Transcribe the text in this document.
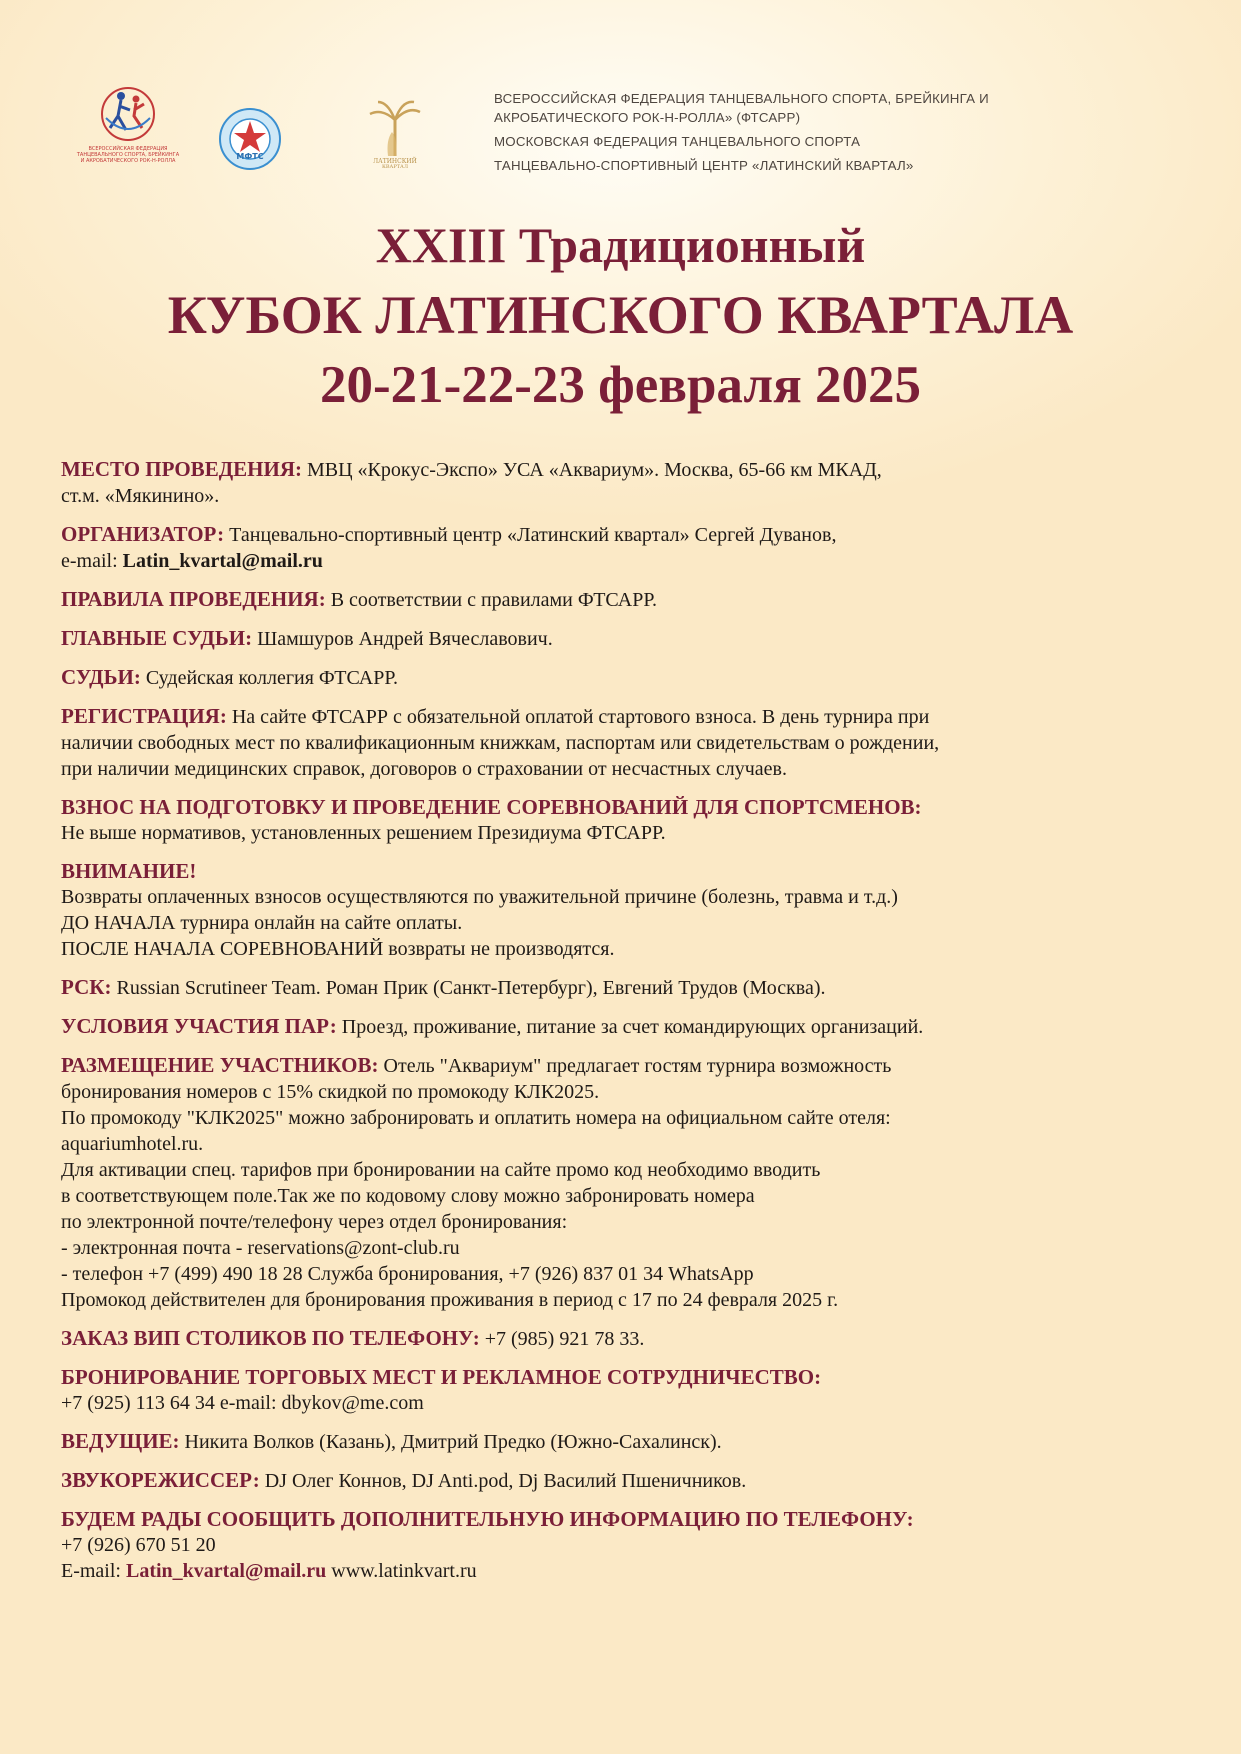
ВСЕРОССИЙСКАЯ ФЕДЕРАЦИЯ
ТАНЦЕВАЛЬНОГО СПОРТА, БРЕЙКИНГА
И АКРОБАТИЧЕСКОГО РОК-Н-РОЛЛА	МФТС
ЛАТИНСКИЙ
КВАРТАЛ
ВСЕРОССИЙСКАЯ ФЕДЕРАЦИЯ ТАНЦЕВАЛЬНОГО СПОРТА, БРЕЙКИНГА И АКРОБАТИЧЕСКОГО РОК-Н-РОЛЛА» (ФТСАРР)
МОСКОВСКАЯ ФЕДЕРАЦИЯ ТАНЦЕВАЛЬНОГО СПОРТА
ТАНЦЕВАЛЬНО-СПОРТИВНЫЙ ЦЕНТР «ЛАТИНСКИЙ КВАРТАЛ»
XXIII Традиционный
КУБОК ЛАТИНСКОГО КВАРТАЛА
20-21-22-23 февраля 2025
МЕСТО ПРОВЕДЕНИЯ: МВЦ «Крокус-Экспо» УСА «Аквариум». Москва, 65-66 км МКАД,
ст.м. «Мякинино».
ОРГАНИЗАТОР: Танцевально-спортивный центр «Латинский квартал» Сергей Дуванов,
e-mail: Latin_kvartal@mail.ru
ПРАВИЛА ПРОВЕДЕНИЯ: В соответствии с правилами ФТСАРР.
ГЛАВНЫЕ СУДЬИ: Шамшуров Андрей Вячеславович.
СУДЬИ: Судейская коллегия ФТСАРР.
РЕГИСТРАЦИЯ: На сайте ФТСАРР с обязательной оплатой стартового взноса. В день турнира при
наличии свободных мест по квалификационным книжкам, паспортам или свидетельствам о рождении,
при наличии медицинских справок, договоров о страховании от несчастных случаев.
ВЗНОС НА ПОДГОТОВКУ И ПРОВЕДЕНИЕ СОРЕВНОВАНИЙ ДЛЯ СПОРТСМЕНОВ:
Не выше нормативов, установленных решением Президиума ФТСАРР.
ВНИМАНИЕ!
Возвраты оплаченных взносов осуществляются по уважительной причине (болезнь, травма и т.д.)
ДО НАЧАЛА турнира онлайн на сайте оплаты.
ПОСЛЕ НАЧАЛА СОРЕВНОВАНИЙ возвраты не производятся.
РСК: Russian Scrutineer Team. Роман Прик (Санкт-Петербург), Евгений Трудов (Москва).
УСЛОВИЯ УЧАСТИЯ ПАР: Проезд, проживание, питание за счет командирующих организаций.
РАЗМЕЩЕНИЕ УЧАСТНИКОВ: Отель "Аквариум" предлагает гостям турнира возможность
бронирования номеров с 15% скидкой по промокоду КЛК2025.
По промокоду "КЛК2025" можно забронировать и оплатить номера на официальном сайте отеля:
aquariumhotel.ru.
Для активации спец. тарифов при бронировании на сайте промо код необходимо вводить
в соответствующем поле.Так же по кодовому слову можно забронировать номера
по электронной почте/телефону через отдел бронирования:
- электронная почта - reservations@zont-club.ru
- телефон +7 (499) 490 18 28 Служба бронирования, +7 (926) 837 01 34 WhatsApp
Промокод действителен для бронирования проживания в период с 17 по 24 февраля 2025 г.
ЗАКАЗ ВИП СТОЛИКОВ ПО ТЕЛЕФОНУ: +7 (985) 921 78 33.
БРОНИРОВАНИЕ ТОРГОВЫХ МЕСТ И РЕКЛАМНОЕ СОТРУДНИЧЕСТВО:
+7 (925) 113 64 34 e-mail: dbykov@me.com
ВЕДУЩИЕ: Никита Волков (Казань), Дмитрий Предко (Южно-Сахалинск).
ЗВУКОРЕЖИССЕР: DJ Олег Коннов, DJ Anti.pod, Dj Василий Пшеничников.
БУДЕМ РАДЫ СООБЩИТЬ ДОПОЛНИТЕЛЬНУЮ ИНФОРМАЦИЮ ПО ТЕЛЕФОНУ:
+7 (926) 670 51 20
E-mail: Latin_kvartal@mail.ru www.latinkvart.ru
